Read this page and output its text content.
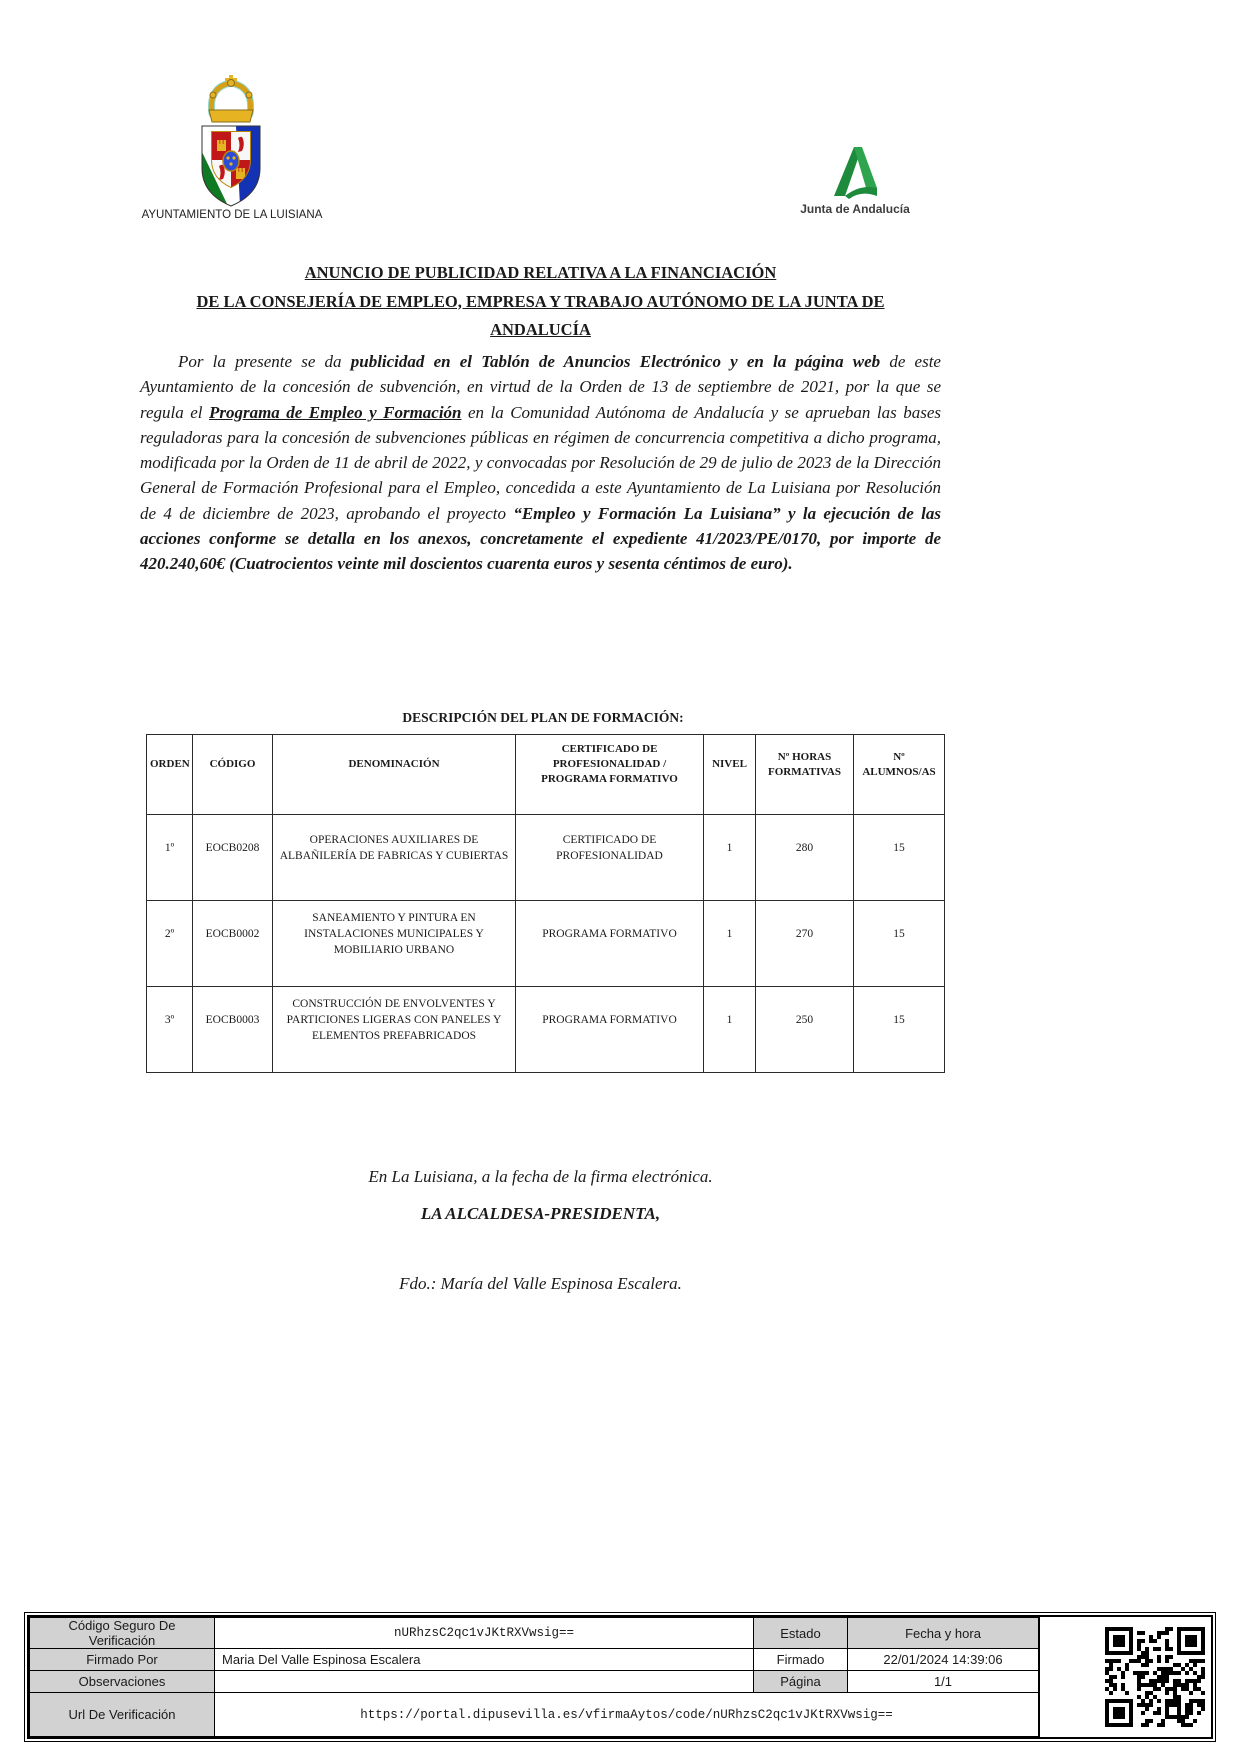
AYUNTAMIENTO DE LA LUISIANA	Junta de Andalucía
ANUNCIO DE PUBLICIDAD RELATIVA A LA FINANCIACIÓN
DE LA CONSEJERÍA DE EMPLEO, EMPRESA Y TRABAJO AUTÓNOMO DE LA JUNTA DE
ANDALUCÍA

Por la presente se da publicidad en el Tablón de Anuncios Electrónico y en la página web de este Ayuntamiento de la concesión de subvención, en virtud de la Orden de 13 de septiembre de 2021, por la que se regula el Programa de Empleo y Formación en la Comunidad Autónoma de Andalucía y se aprueban las bases reguladoras para la concesión de subvenciones públicas en régimen de concurrencia competitiva a dicho programa, modificada por la Orden de 11 de abril de 2022, y convocadas por Resolución de 29 de julio de 2023 de la Dirección General de Formación Profesional para el Empleo, concedida a este Ayuntamiento de La Luisiana por Resolución de 4 de diciembre de 2023, aprobando el proyecto “Empleo y Formación La Luisiana” y la ejecución de las acciones conforme se detalla en los anexos, concretamente el expediente 41/2023/PE/0170, por importe de 420.240,60€ (Cuatrocientos veinte mil doscientos cuarenta euros y sesenta céntimos de euro).

DESCRIPCIÓN DEL PLAN DE FORMACIÓN:
ORDEN	CÓDIGO	DENOMINACIÓN	CERTIFICADO DE PROFESIONALIDAD / PROGRAMA FORMATIVO	NIVEL	Nº HORAS FORMATIVAS	Nº ALUMNOS/AS
1º	EOCB0208	OPERACIONES AUXILIARES DE ALBAÑILERÍA DE FABRICAS Y CUBIERTAS	CERTIFICADO DE PROFESIONALIDAD	1	280	15
2º	EOCB0002	SANEAMIENTO Y PINTURA EN INSTALACIONES MUNICIPALES Y MOBILIARIO URBANO	PROGRAMA FORMATIVO	1	270	15
3º	EOCB0003	CONSTRUCCIÓN DE ENVOLVENTES Y PARTICIONES LIGERAS CON PANELES Y ELEMENTOS PREFABRICADOS	PROGRAMA FORMATIVO	1	250	15
En La Luisiana, a la fecha de la firma electrónica.
LA ALCALDESA-PRESIDENTA,
Fdo.: María del Valle Espinosa Escalera.
Código Seguro De Verificación	nURhzsC2qc1vJKtRXVwsig==	Estado	Fecha y hora
Firmado Por	Maria Del Valle Espinosa Escalera	Firmado	22/01/2024 14:39:06
Observaciones		Página	1/1
Url De Verificación	https://portal.dipusevilla.es/vfirmaAytos/code/nURhzsC2qc1vJKtRXVwsig==		
